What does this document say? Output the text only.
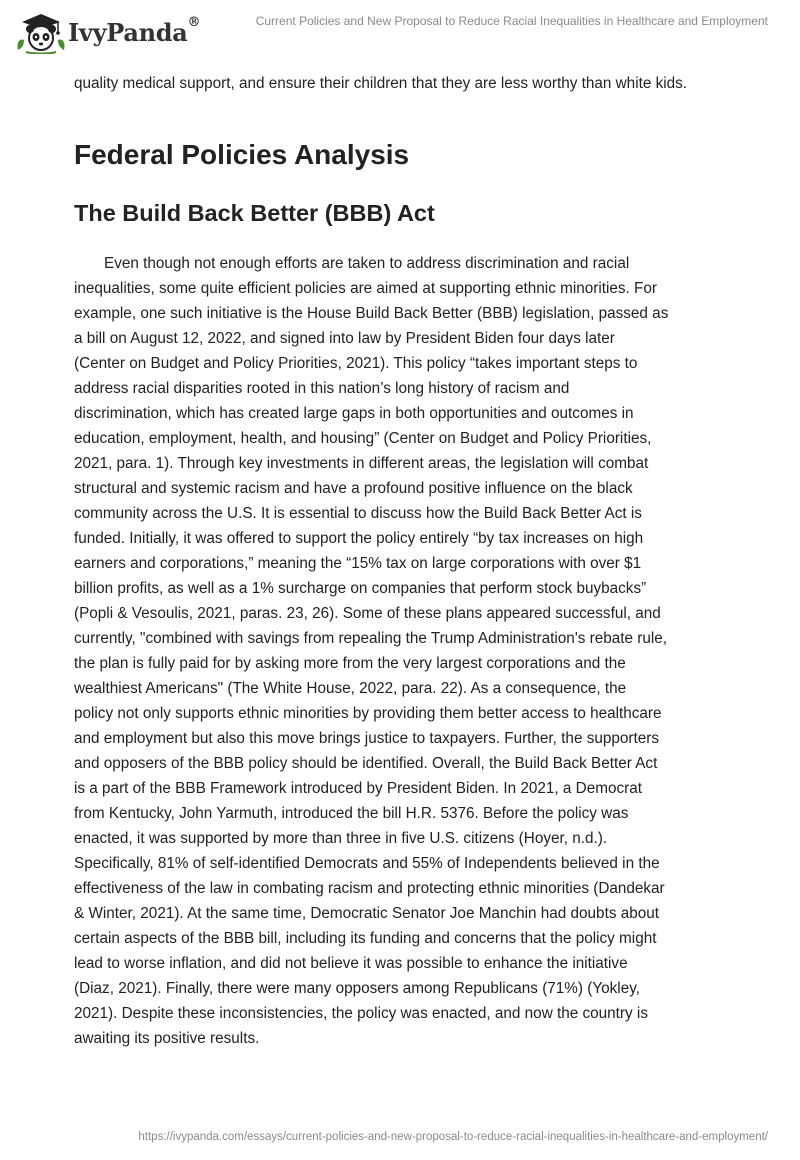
IvyPanda®	Current Policies and New Proposal to Reduce Racial Inequalities in Healthcare and Employment

quality medical support, and ensure their children that they are less worthy than white kids.

Federal Policies Analysis
The Build Back Better (BBB) Act

Even though not enough efforts are taken to address discrimination and racial
inequalities, some quite efficient policies are aimed at supporting ethnic minorities. For
example, one such initiative is the House Build Back Better (BBB) legislation, passed as
a bill on August 12, 2022, and signed into law by President Biden four days later
(Center on Budget and Policy Priorities, 2021). This policy “takes important steps to
address racial disparities rooted in this nation’s long history of racism and
discrimination, which has created large gaps in both opportunities and outcomes in
education, employment, health, and housing” (Center on Budget and Policy Priorities,
2021, para. 1). Through key investments in different areas, the legislation will combat
structural and systemic racism and have a profound positive influence on the black
community across the U.S. It is essential to discuss how the Build Back Better Act is
funded. Initially, it was offered to support the policy entirely “by tax increases on high
earners and corporations,” meaning the “15% tax on large corporations with over $1
billion profits, as well as a 1% surcharge on companies that perform stock buybacks”
(Popli & Vesoulis, 2021, paras. 23, 26). Some of these plans appeared successful, and
currently, "combined with savings from repealing the Trump Administration's rebate rule,
the plan is fully paid for by asking more from the very largest corporations and the
wealthiest Americans" (The White House, 2022, para. 22). As a consequence, the
policy not only supports ethnic minorities by providing them better access to healthcare
and employment but also this move brings justice to taxpayers. Further, the supporters
and opposers of the BBB policy should be identified. Overall, the Build Back Better Act
is a part of the BBB Framework introduced by President Biden. In 2021, a Democrat
from Kentucky, John Yarmuth, introduced the bill H.R. 5376. Before the policy was
enacted, it was supported by more than three in five U.S. citizens (Hoyer, n.d.).
Specifically, 81% of self-identified Democrats and 55% of Independents believed in the
effectiveness of the law in combating racism and protecting ethnic minorities (Dandekar
& Winter, 2021). At the same time, Democratic Senator Joe Manchin had doubts about
certain aspects of the BBB bill, including its funding and concerns that the policy might
lead to worse inflation, and did not believe it was possible to enhance the initiative
(Diaz, 2021). Finally, there were many opposers among Republicans (71%) (Yokley,
2021). Despite these inconsistencies, the policy was enacted, and now the country is
awaiting its positive results.

https://ivypanda.com/essays/current-policies-and-new-proposal-to-reduce-racial-inequalities-in-healthcare-and-employment/
